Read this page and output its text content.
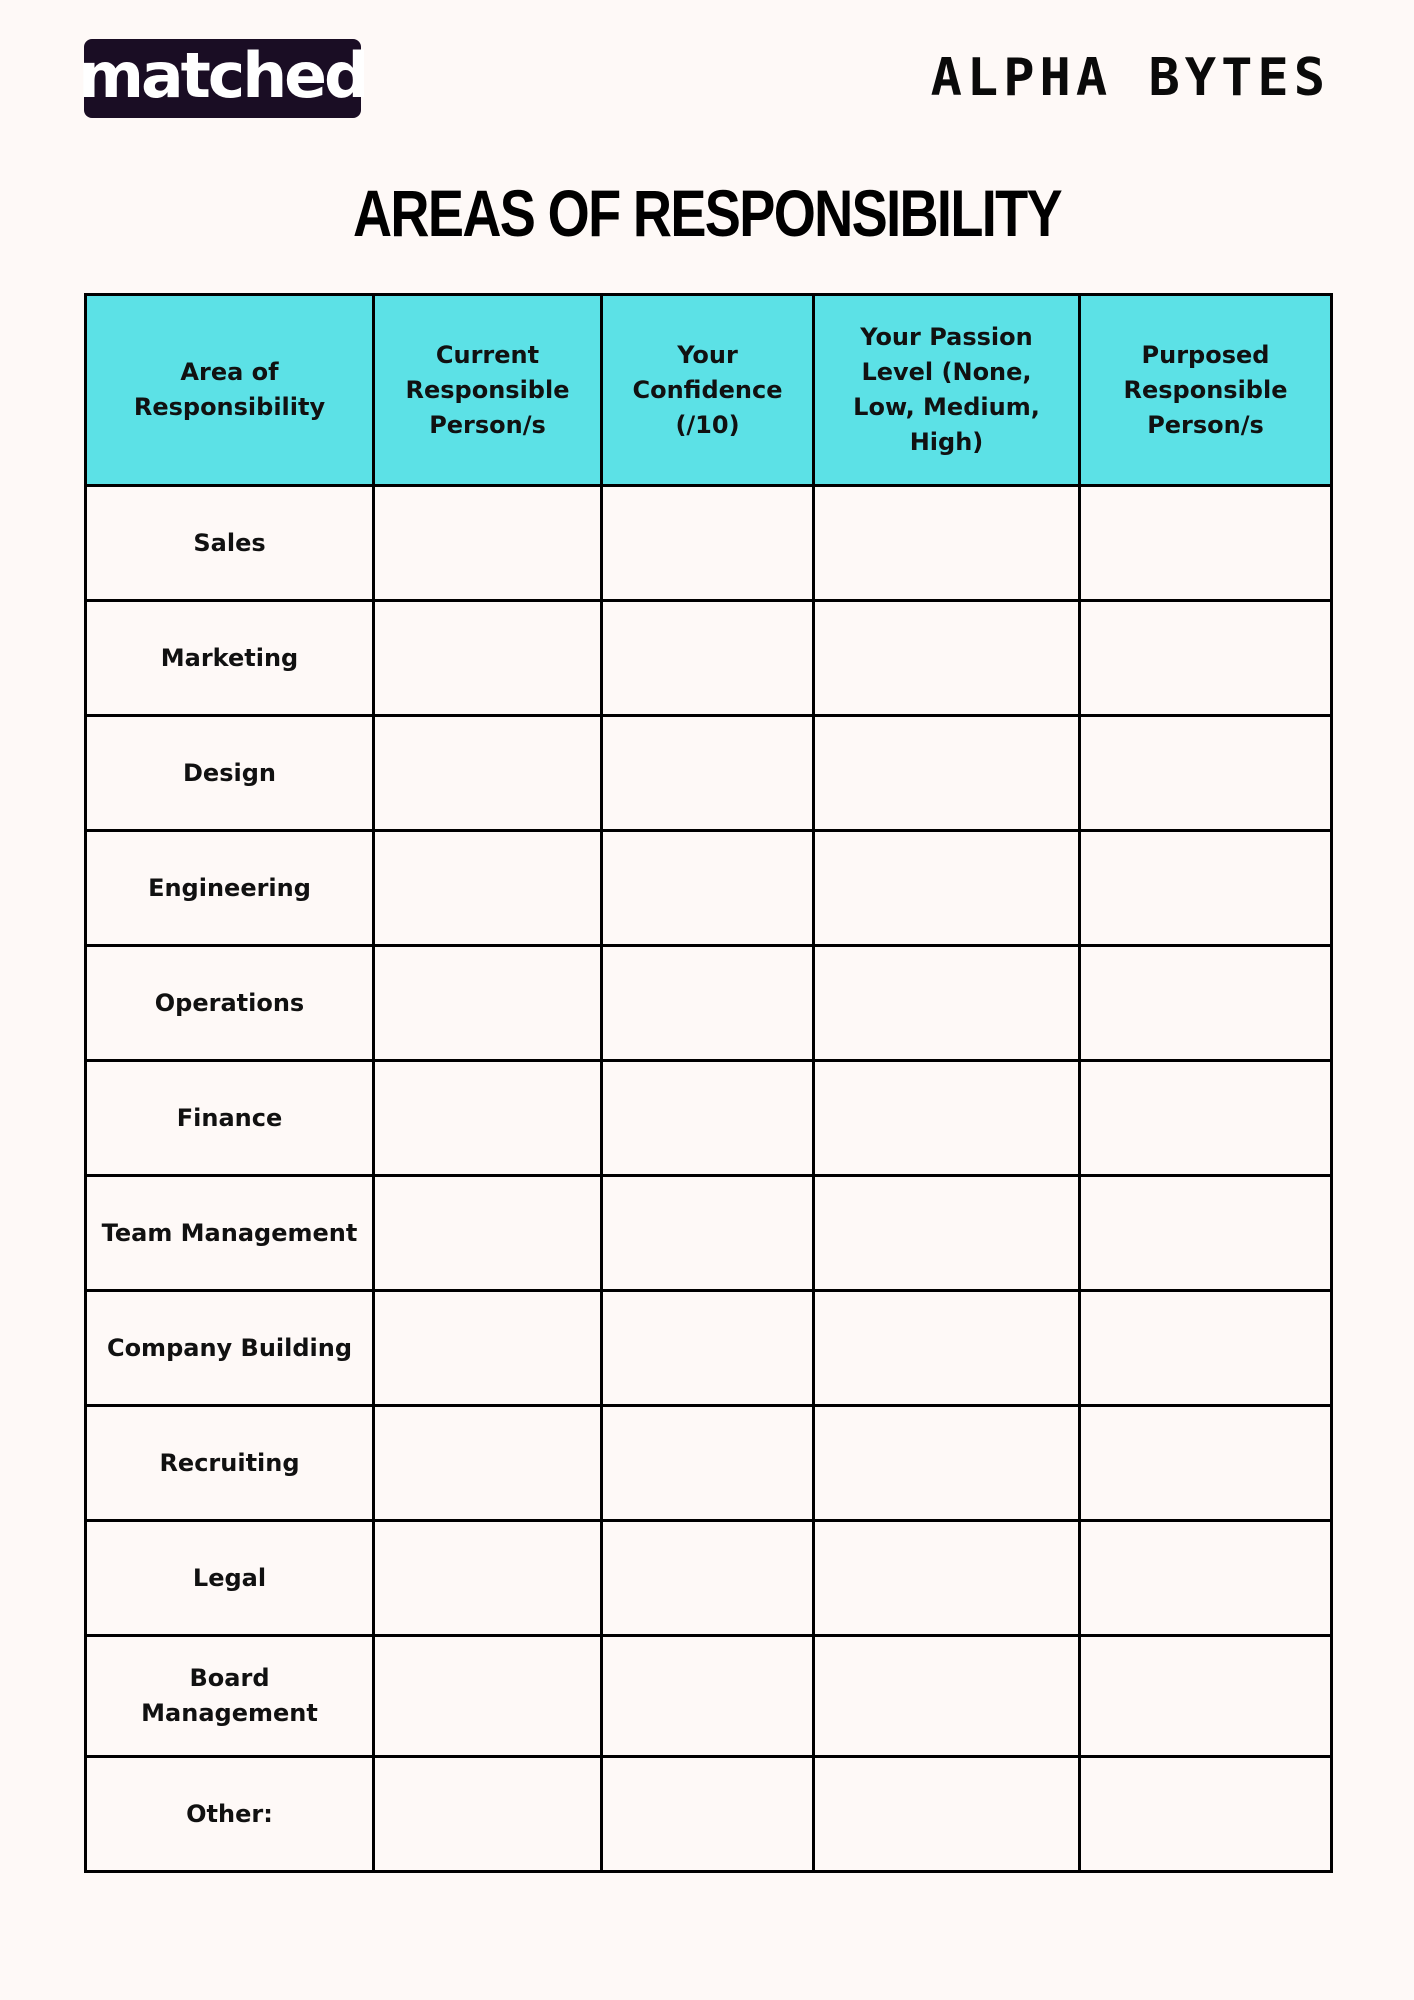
matched	ALPHA BYTES
AREAS OF RESPONSIBILITY
Area of Responsibility	Current Responsible Person/s	Your Confidence (/10)	Your Passion Level (None, Low, Medium, High)	Purposed Responsible Person/s
Sales				
Marketing				
Design				
Engineering				
Operations				
Finance				
Team Management				
Company Building				
Recruiting				
Legal				
Board Management				
Other:				
